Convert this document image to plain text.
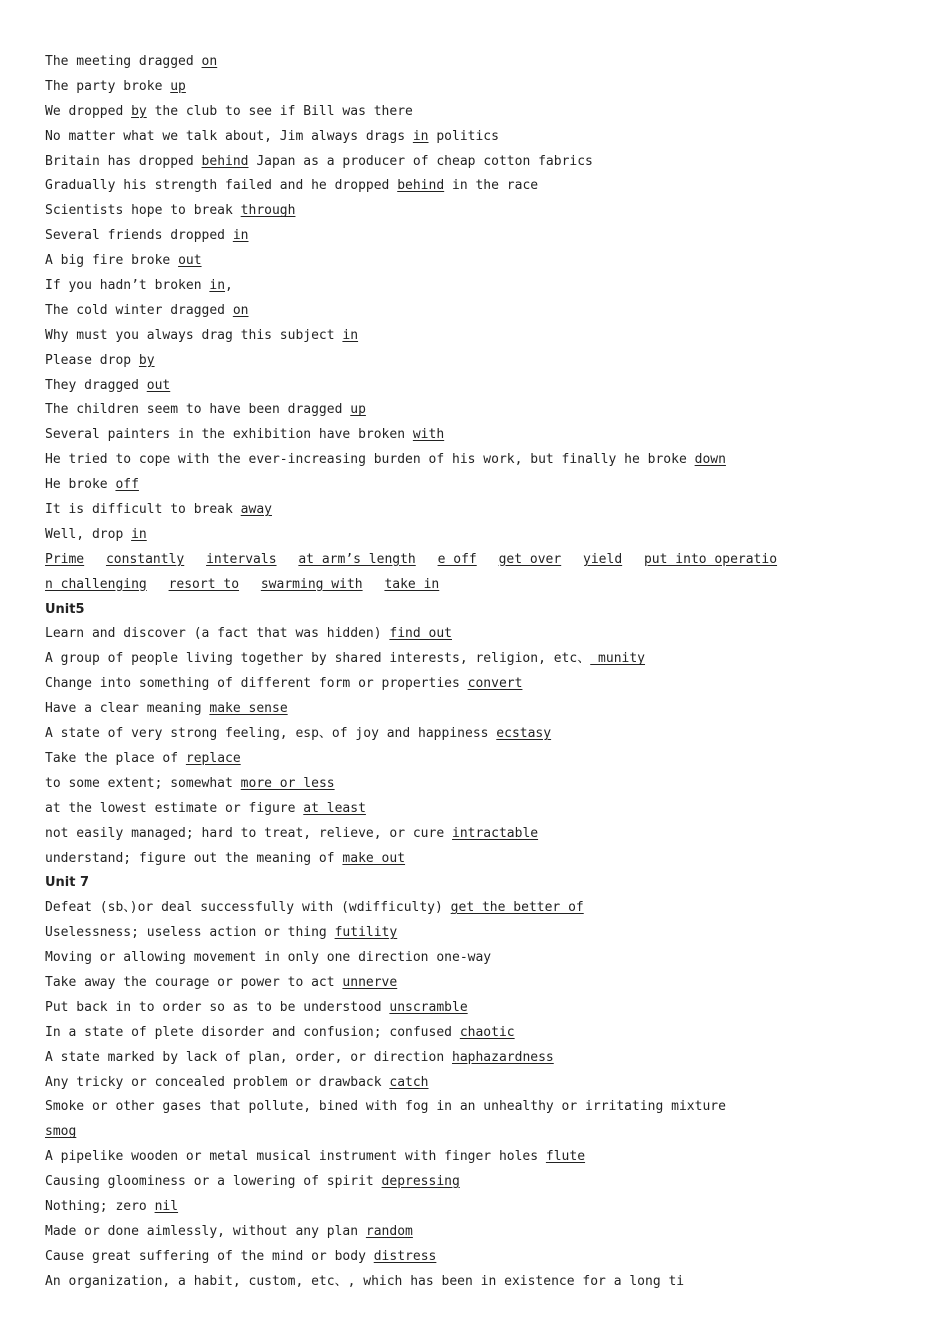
The meeting dragged on
The party broke up
We dropped by the club to see if Bill was there
No matter what we talk about, Jim always drags in politics
Britain has dropped behind Japan as a producer of cheap cotton fabrics
Gradually his strength failed and he dropped behind in the race
Scientists hope to break through
Several friends dropped in
A big fire broke out
If you hadn’t broken in,
The cold winter dragged on
Why must you always drag this subject in
Please drop by
They dragged out
The children seem to have been dragged up
Several painters in the exhibition have broken with
He tried to cope with the ever-increasing burden of his work, but finally he broke down
He broke off
It is difficult to break away
Well, drop in
Prime constantly intervals at arm’s length e off get over yield put into operatio
n challenging resort to swarming with take in
Unit5
Learn and discover (a fact that was hidden) find out
A group of people living together by shared interests, religion, etc、 munity
Change into something of different form or properties convert
Have a clear meaning make sense
A state of very strong feeling, esp、of joy and happiness ecstasy
Take the place of replace
to some extent; somewhat more or less
at the lowest estimate or figure at least
not easily managed; hard to treat, relieve, or cure intractable
understand; figure out the meaning of make out
Unit 7
Defeat (sb、)or deal successfully with (wdifficulty) get the better of
Uselessness; useless action or thing futility
Moving or allowing movement in only one direction one-way
Take away the courage or power to act unnerve
Put back in to order so as to be understood unscramble
In a state of plete disorder and confusion; confused chaotic
A state marked by lack of plan, order, or direction haphazardness
Any tricky or concealed problem or drawback catch
Smoke or other gases that pollute, bined with fog in an unhealthy or irritating mixture
smog
A pipelike wooden or metal musical instrument with finger holes flute
Causing gloominess or a lowering of spirit depressing
Nothing; zero nil
Made or done aimlessly, without any plan random
Cause great suffering of the mind or body distress
An organization, a habit, custom, etc、, which has been in existence for a long ti
